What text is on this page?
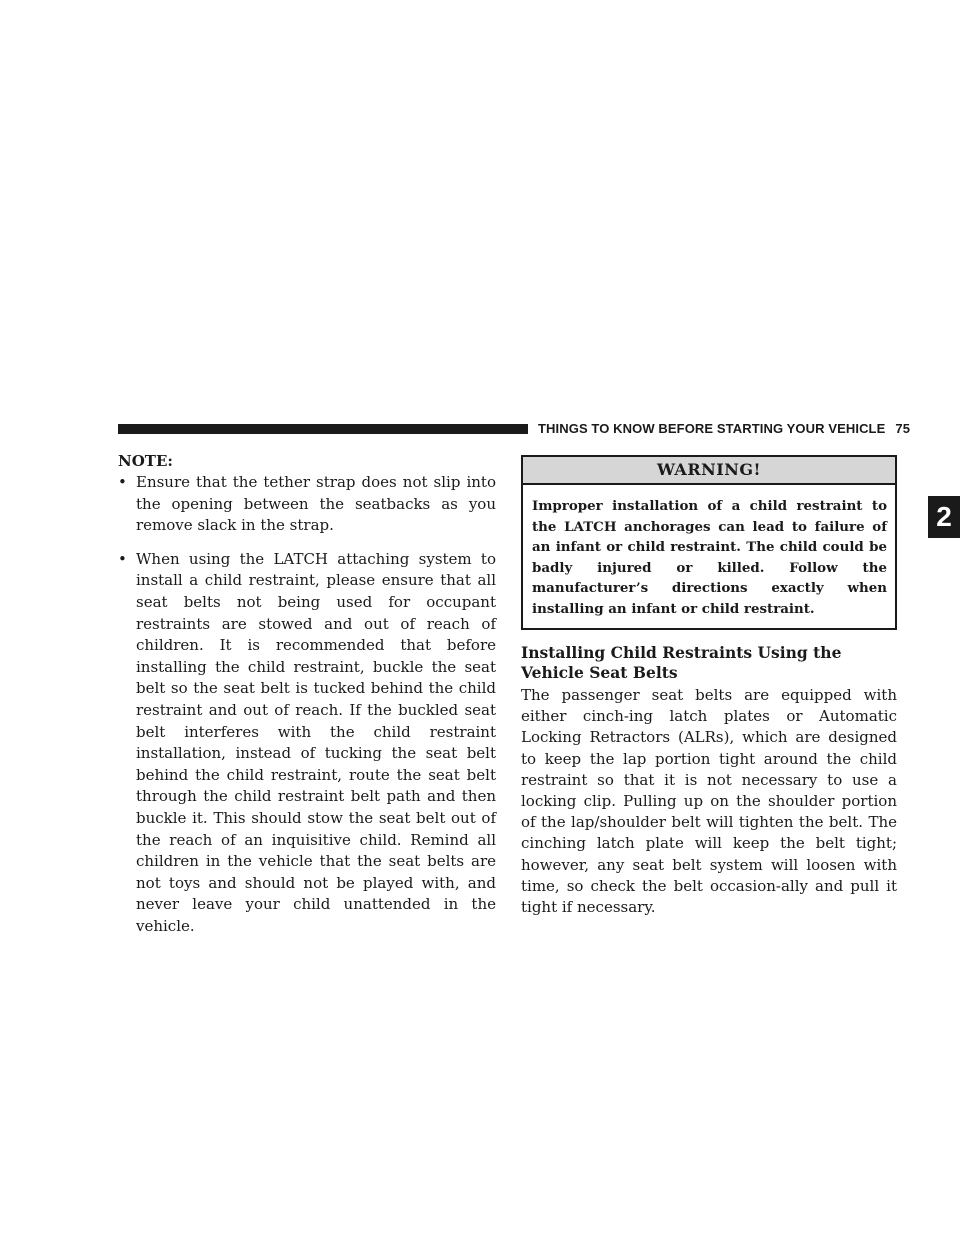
THINGS TO KNOW BEFORE STARTING YOUR VEHICLE 75
2
NOTE:
• Ensure that the tether strap does not slip into the opening between the seatbacks as you remove slack in the strap.
• When using the LATCH attaching system to install a child restraint, please ensure that all seat belts not being used for occupant restraints are stowed and out of reach of children. It is recommended that before installing the child restraint, buckle the seat belt so the seat belt is tucked behind the child restraint and out of reach. If the buckled seat belt interferes with the child restraint installation, instead of tucking the seat belt behind the child restraint, route the seat belt through the child restraint belt path and then buckle it. This should stow the seat belt out of the reach of an inquisitive child. Remind all children in the vehicle that the seat belts are not toys and should not be played with, and never leave your child unattended in the vehicle.
WARNING!
Improper installation of a child restraint to the LATCH anchorages can lead to failure of an infant or child restraint. The child could be badly injured or killed. Follow the manufacturer’s directions exactly when installing an infant or child restraint.
Installing Child Restraints Using the Vehicle Seat Belts

The passenger seat belts are equipped with either cinch-ing latch plates or Automatic Locking Retractors (ALRs), which are designed to keep the lap portion tight around the child restraint so that it is not necessary to use a locking clip. Pulling up on the shoulder portion of the lap/shoulder belt will tighten the belt. The cinching latch plate will keep the belt tight; however, any seat belt system will loosen with time, so check the belt occasion-ally and pull it tight if necessary.
